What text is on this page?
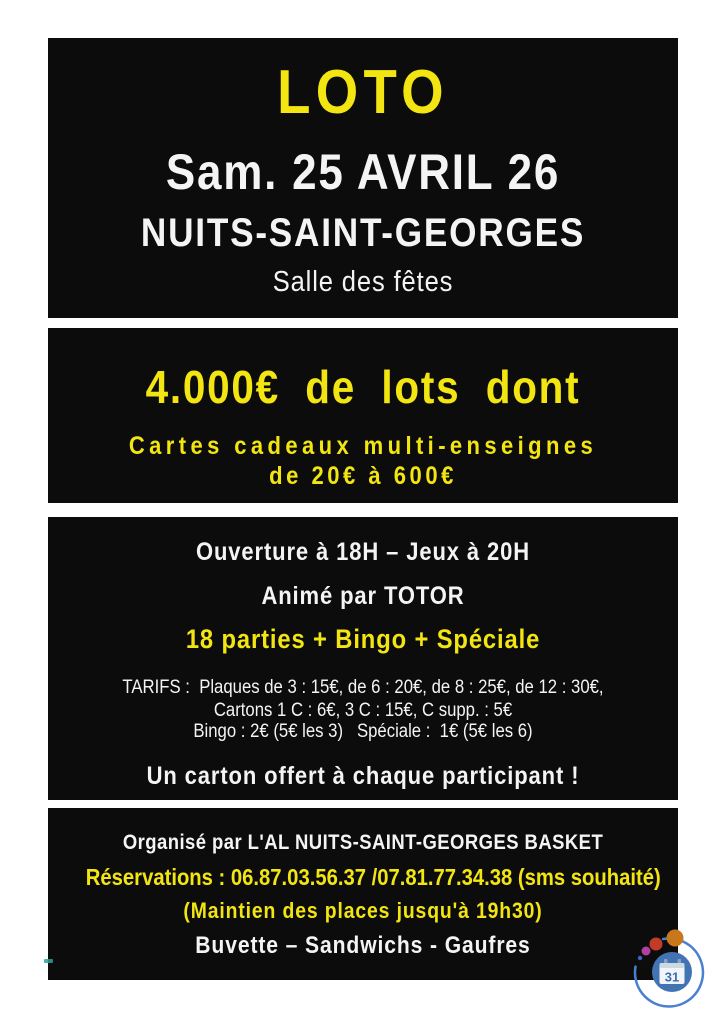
LOTO
Sam. 25 AVRIL 26
NUITS-SAINT-GEORGES
Salle des fêtes
4.000€ de lots dont
Cartes cadeaux multi-enseignes
de 20€ à 600€
Ouverture à 18H – Jeux à 20H
Animé par TOTOR
18 parties + Bingo + Spéciale
TARIFS :  Plaques de 3 : 15€, de 6 : 20€, de 8 : 25€, de 12 : 30€,
Cartons 1 C : 6€, 3 C : 15€, C supp. : 5€
Bingo : 2€ (5€ les 3)   Spéciale :  1€ (5€ les 6)
Un carton offert à chaque participant !
Organisé par L'AL NUITS-SAINT-GEORGES BASKET
Réservations : 06.87.03.56.37 /07.81.77.34.38 (sms souhaité)
(Maintien des places jusqu'à 19h30)
Buvette – Sandwichs - Gaufres
31
